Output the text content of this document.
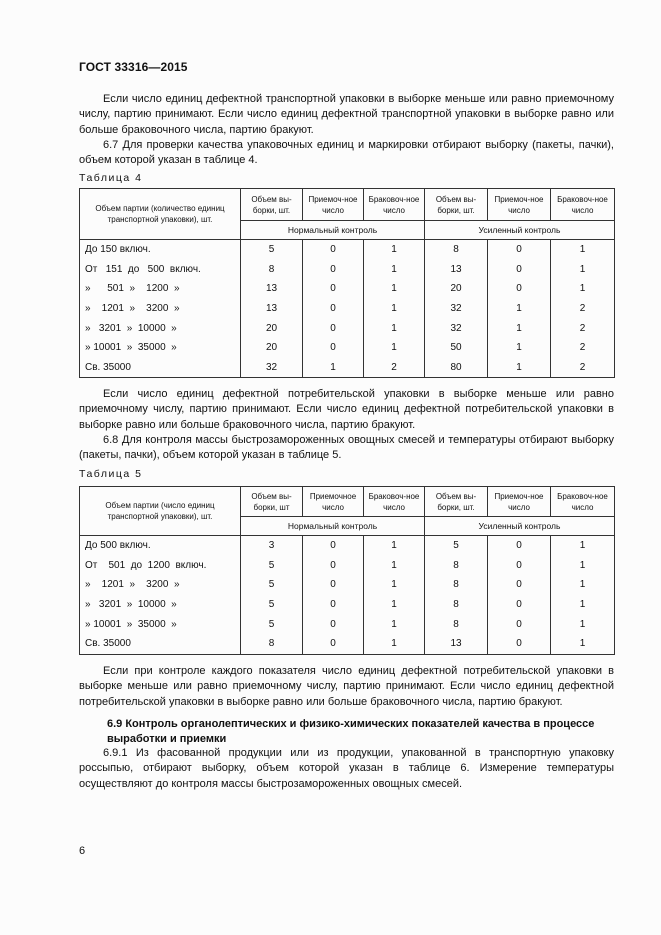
ГОСТ 33316—2015

Если число единиц дефектной транспортной упаковки в выборке меньше или равно приемочному числу, партию принимают. Если число единиц дефектной транспортной упаковки в выборке равно или больше браковочного числа, партию бракуют.

6.7 Для проверки качества упаковочных единиц и маркировки отбирают выборку (пакеты, пачки), объем которой указан в таблице 4.

Таблица 4
Объем партии (количество единиц транспортной упаковки), шт.	Объем вы-борки, шт.	Приемоч-ное число	Браковоч-ное число	Объем вы-борки, шт.	Приемоч-ное число	Браковоч-ное число
	Нормальный контроль			Усиленный контроль		
До 150 включ.	5	0	1	8	0	1
От   151  до   500  включ.	8	0	1	13	0	1
»      501  »    1200  »	13	0	1	20	0	1
»    1201  »    3200  »	13	0	1	32	1	2
»   3201  »  10000  »	20	0	1	32	1	2
» 10001  »  35000  »	20	0	1	50	1	2
Св. 35000	32	1	2	80	1	2

Если число единиц дефектной потребительской упаковки в выборке меньше или равно приемочному числу, партию принимают. Если число единиц дефектной потребительской упаковки в выборке равно или больше браковочного числа, партию бракуют.

6.8 Для контроля массы быстрозамороженных овощных смесей и температуры отбирают выборку (пакеты, пачки), объем которой указан в таблице 5.

Таблица 5
Объем партии (число единиц транспортной упаковки), шт.	Объем вы-борки, шт	Приемочное число	Браковоч-ное число	Объем вы-борки, шт.	Приемоч-ное число	Браковоч-ное число
	Нормальный контроль			Усиленный контроль		
До 500 включ.	3	0	1	5	0	1
От    501  до  1200  включ.	5	0	1	8	0	1
»    1201  »    3200  »	5	0	1	8	0	1
»   3201  »  10000  »	5	0	1	8	0	1
» 10001  »  35000  »	5	0	1	8	0	1
Св. 35000	8	0	1	13	0	1

Если при контроле каждого показателя число единиц дефектной потребительской упаковки в выборке меньше или равно приемочному числу, партию принимают. Если число единиц дефектной потребительской упаковки в выборке равно или больше браковочного числа, партию бракуют.

6.9 Контроль органолептических и физико-химических показателей качества в процессе выработки и приемки

6.9.1 Из фасованной продукции или из продукции, упакованной в транспортную упаковку россыпью, отбирают выборку, объем которой указан в таблице 6. Измерение температуры осуществляют до контроля массы быстрозамороженных овощных смесей.

6
